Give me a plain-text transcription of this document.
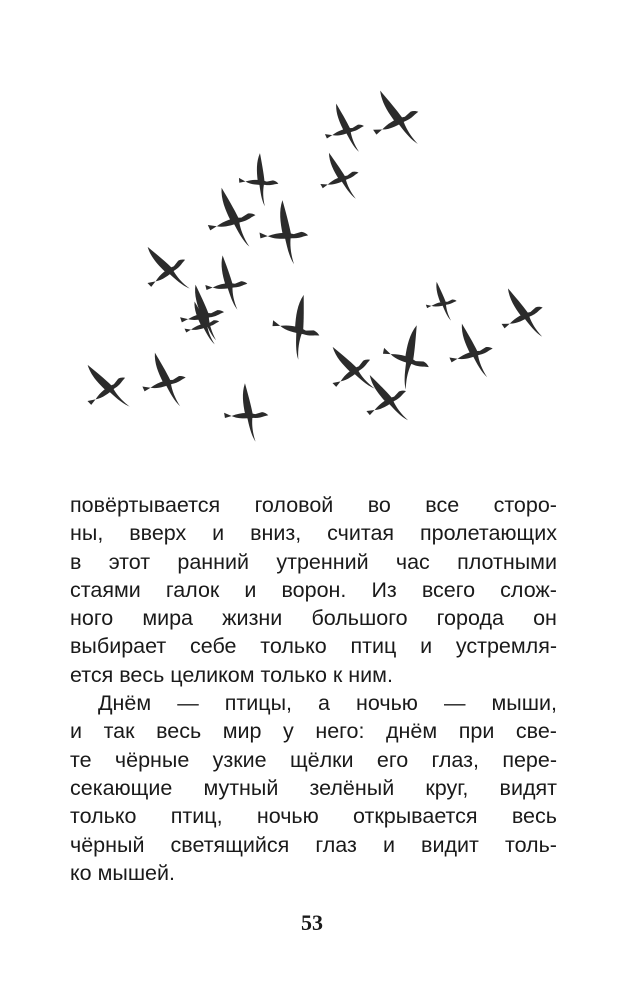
повёртывается головой во все сторо-
ны, вверх и вниз, считая пролетающих
в этот ранний утренний час плотными
стаями галок и ворон. Из всего слож-
ного мира жизни большого города он
выбирает себе только птиц и устремля-
ется весь целиком только к ним.
Днём — птицы, а ночью — мыши,
и так весь мир у него: днём при све-
те чёрные узкие щёлки его глаз, пере-
секающие мутный зелёный круг, видят
только птиц, ночью открывается весь
чёрный светящийся глаз и видит толь-
ко мышей.
53
